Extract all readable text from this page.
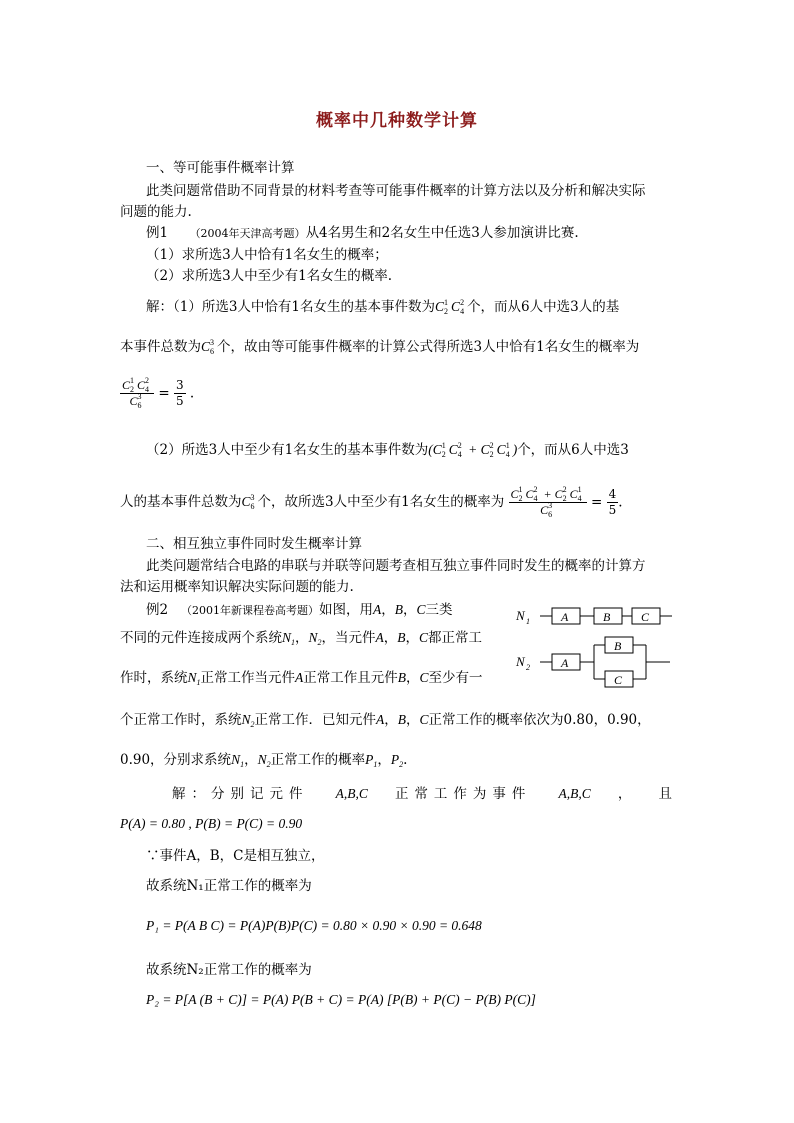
概率中几种数学计算
一、等可能事件概率计算
此类问题常借助不同背景的材料考查等可能事件概率的计算方法以及分析和解决实际
问题的能力.
例1 （2004年天津高考题）从4名男生和2名女生中任选3人参加演讲比赛.
（1）求所选3人中恰有1名女生的概率；
（2）求所选3人中至少有1名女生的概率.
解：（1）所选3人中恰有1名女生的基本事件数为C 1
2 C 2
4 个，而从6人中选3人的基
本事件总数为C 3
6 个，故由等可能事件概率的计算公式得所选3人中恰有1名女生的概率为
C 1
2 C 2
4
C 3
$6 = \frac{3}{5}$ .
（2）所选3人中至少有1名女生的基本事件数为(C 1
2 C 2
4 + C 2
2 C 1
4 )个，而从6人中选3
人的基本事件总数为C 3
6 个，故所选3人中至少有1名女生的概率为 C 1
2 C 2
4 + C 2
2 C 1
4
C 3
$6 = \frac{4}{5}$ .
二、相互独立事件同时发生概率计算
此类问题常结合电路的串联与并联等问题考查相互独立事件同时发生的概率的计算方
法和运用概率知识解决实际问题的能力.
例2 （2001年新课程卷高考题）如图，用A，B，C三类
不同的元件连接成两个系统$N_1$，$N_2$，当元件A，B，C都正常工
作时，系统$N_1$正常工作当元件A正常工作且元件B，C至少有一
个正常工作时，系统$N_2$正常工作．已知元件A，B，C正常工作的概率依次为0.80，0.90，
0.90，分别求系统$N_1$，$N_2$正常工作的概率$P_1$，$P_2$.
N 1	A	B	C
N 2	A
B
C
解：分别记元件 A,B,C 正常工作为事件 A,B,C ， 且
P(A) = 0.80 , P(B) = P(C) = 0.90
∵事件A，B，C是相互独立，
故系统N₁正常工作的概率为
P₁ = P(A B C) = P(A)P(B)P(C) = 0.80 × 0.90 × 0.90 = 0.648
故系统N₂正常工作的概率为
P₂ = P[A (B + C)] = P(A) P(B + C) = P(A) [P(B) + P(C) − P(B) P(C)]
